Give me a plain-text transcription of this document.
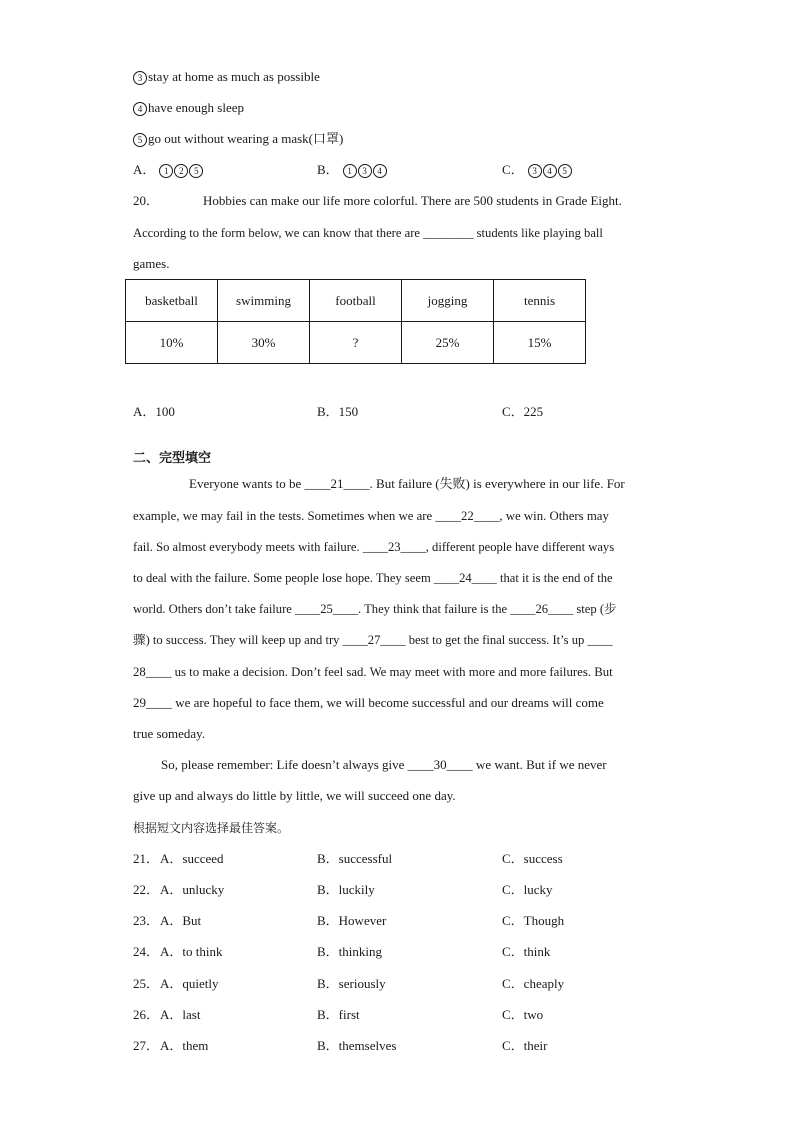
3 stay at home as much as possible
4 have enough sleep
5 go out without wearing a mask(口罩)
A． 1 2 5	B． 1 3 4	C． 3 4 5
20．	Hobbies can make our life more colorful. There are 500 students in Grade Eight.
According to the form below, we can know that there are ________ students like playing ball
games.
basketball	swimming	football	jogging	tennis
10%	30%	?	25%	15%
A．100	B．150	C．225
二、完型填空
Everyone wants to be ____21____. But failure (失败) is everywhere in our life. For
example, we may fail in the tests. Sometimes when we are ____22____, we win. Others may
fail. So almost everybody meets with failure. ____23____, different people have different ways
to deal with the failure. Some people lose hope. They seem ____24____ that it is the end of the
world. Others don’t take failure ____25____. They think that failure is the ____26____ step (步
骤) to success. They will keep up and try ____27____ best to get the final success. It’s up ____
28____ us to make a decision. Don’t feel sad. We may meet with more and more failures. But
29____ we are hopeful to face them, we will become successful and our dreams will come
true someday.
So, please remember: Life doesn’t always give ____30____ we want. But if we never
give up and always do little by little, we will succeed one day.
根据短文内容选择最佳答案。
21． A．succeed	B．successful	C．success
22． A．unlucky	B．luckily	C．lucky
23． A．But	B．However	C．Though
24． A．to think	B．thinking	C．think
25． A．quietly	B．seriously	C．cheaply
26． A．last	B．first	C．two
27． A．them	B．themselves	C．their
